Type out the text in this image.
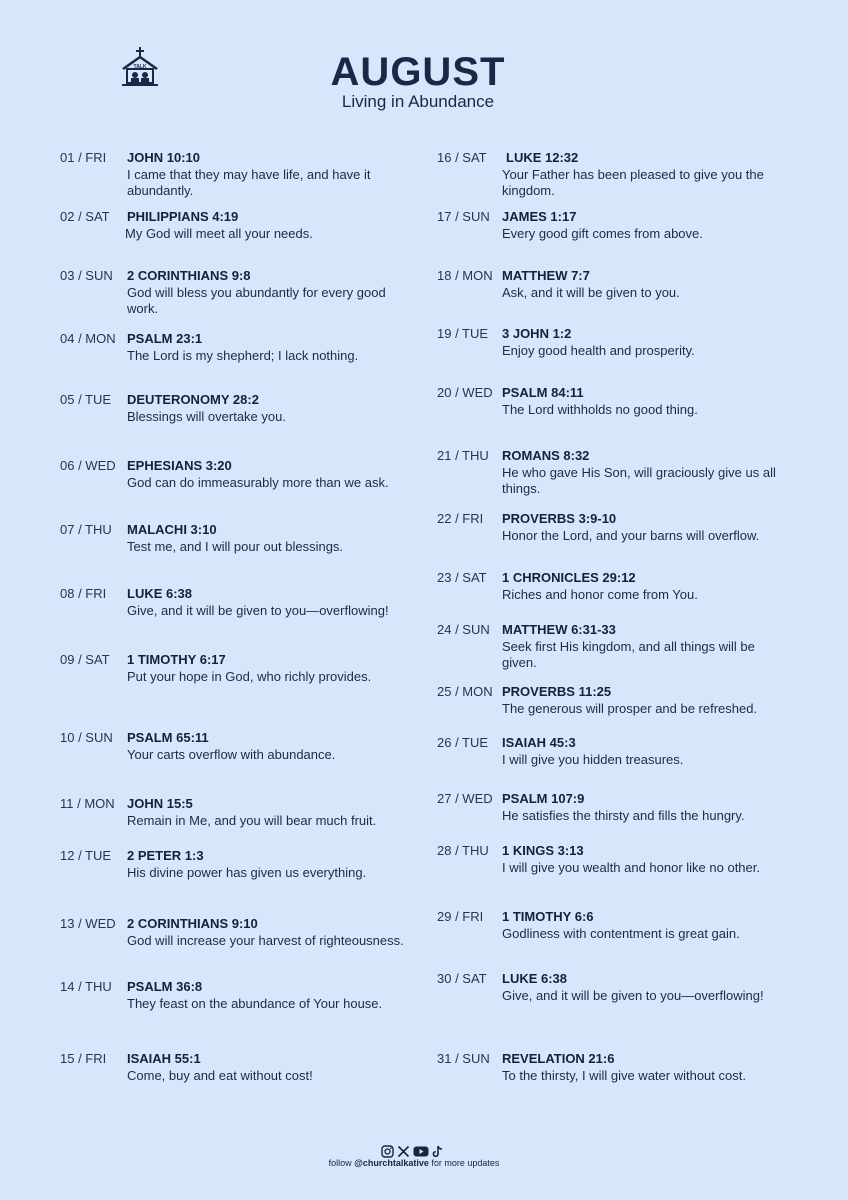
TALK	AUGUST
Living in Abundance
01 / FRI JOHN 10:10
I came that they may have life, and have it abundantly.
02 / SAT PHILIPPIANS 4:19
My God will meet all your needs.
03 / SUN 2 CORINTHIANS 9:8
God will bless you abundantly for every good work.
04 / MON PSALM 23:1
The Lord is my shepherd; I lack nothing.
05 / TUE DEUTERONOMY 28:2
Blessings will overtake you.
06 / WED EPHESIANS 3:20
God can do immeasurably more than we ask.
07 / THU MALACHI 3:10
Test me, and I will pour out blessings.
08 / FRI LUKE 6:38
Give, and it will be given to you—overflowing!
09 / SAT 1 TIMOTHY 6:17
Put your hope in God, who richly provides.
10 / SUN PSALM 65:11
Your carts overflow with abundance.
11 / MON JOHN 15:5
Remain in Me, and you will bear much fruit.
12 / TUE 2 PETER 1:3
His divine power has given us everything.
13 / WED 2 CORINTHIANS 9:10
God will increase your harvest of righteousness.
14 / THU PSALM 36:8
They feast on the abundance of Your house.
15 / FRI ISAIAH 55:1
Come, buy and eat without cost!
16 / SAT LUKE 12:32
Your Father has been pleased to give you the kingdom.
17 / SUN JAMES 1:17
Every good gift comes from above.
18 / MON MATTHEW 7:7
Ask, and it will be given to you.
19 / TUE 3 JOHN 1:2
Enjoy good health and prosperity.
20 / WED PSALM 84:11
The Lord withholds no good thing.
21 / THU ROMANS 8:32
He who gave His Son, will graciously give us all things.
22 / FRI PROVERBS 3:9-10
Honor the Lord, and your barns will overflow.
23 / SAT 1 CHRONICLES 29:12
Riches and honor come from You.
24 / SUN MATTHEW 6:31-33
Seek first His kingdom, and all things will be given.
25 / MON PROVERBS 11:25
The generous will prosper and be refreshed.
26 / TUE ISAIAH 45:3
I will give you hidden treasures.
27 / WED PSALM 107:9
He satisfies the thirsty and fills the hungry.
28 / THU 1 KINGS 3:13
I will give you wealth and honor like no other.
29 / FRI 1 TIMOTHY 6:6
Godliness with contentment is great gain.
30 / SAT LUKE 6:38
Give, and it will be given to you—overflowing!
31 / SUN REVELATION 21:6
To the thirsty, I will give water without cost.
follow @churchtalkative for more updates
